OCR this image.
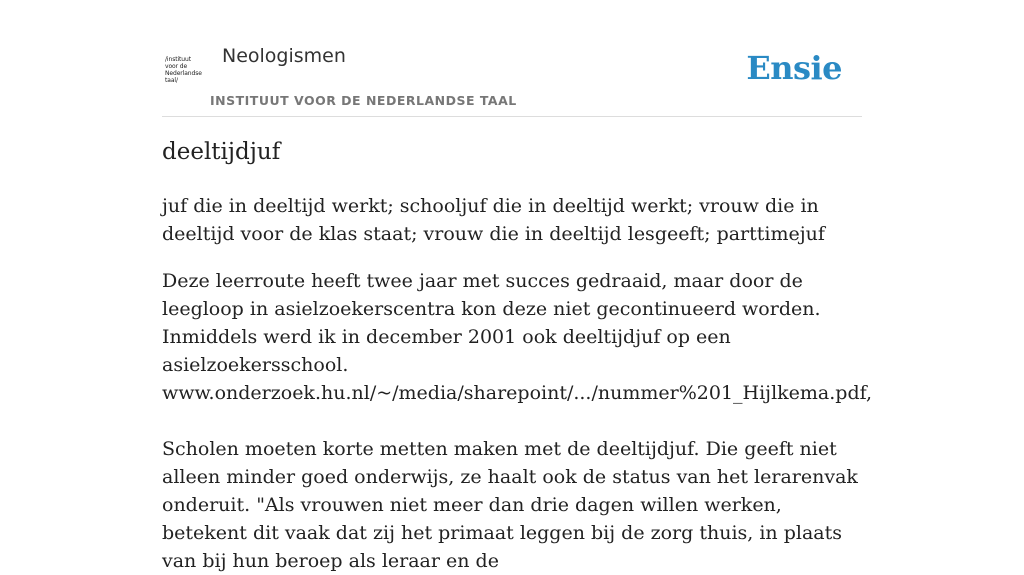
/instituut
voor de
Nederlandse
taal/
Neologismen
INSTITUUT VOOR DE NEDERLANDSE TAAL
Ensie
deeltijdjuf

juf die in deeltijd werkt; schooljuf die in deeltijd werkt; vrouw die in deeltijd voor de klas staat; vrouw die in deeltijd lesgeeft; parttimejuf

Deze leerroute heeft twee jaar met succes gedraaid, maar door de leegloop in asielzoekerscentra kon deze niet gecontinueerd worden. Inmiddels werd ik in december 2001 ook deeltijdjuf op een asielzoekersschool.
www.onderzoek.hu.nl/~/media/sharepoint/.../nummer%201_Hijlkema.pdf,

Scholen moeten korte metten maken met de deeltijdjuf. Die geeft niet alleen minder goed onderwijs, ze haalt ook de status van het lerarenvak onderuit. "Als vrouwen niet meer dan drie dagen willen werken, betekent dit vaak dat zij het primaat leggen bij de zorg thuis, in plaats van bij hun beroep als leraar en de
